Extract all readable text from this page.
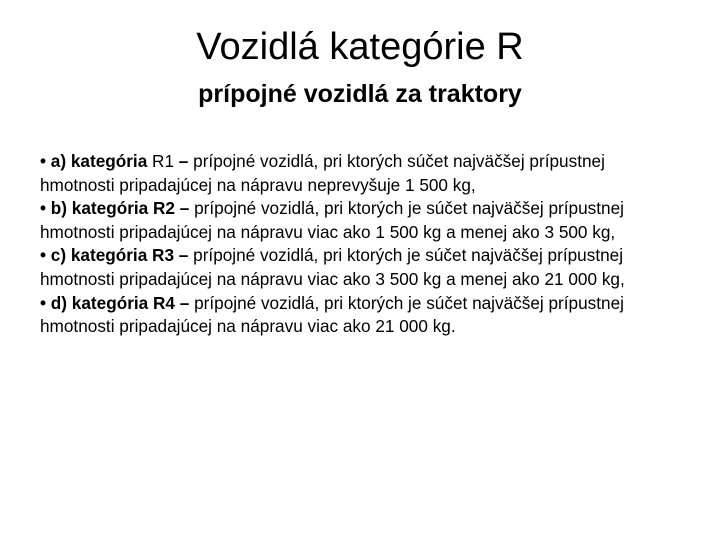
Vozidlá kategórie R
prípojné vozidlá za traktory
• a) kategória R1 – prípojné vozidlá, pri ktorých súčet najväčšej prípustnej hmotnosti pripadajúcej na nápravu neprevyšuje 1 500 kg,
• b) kategória R2 – prípojné vozidlá, pri ktorých je súčet najväčšej prípustnej hmotnosti pripadajúcej na nápravu viac ako 1 500 kg a menej ako 3 500 kg,
• c) kategória R3 – prípojné vozidlá, pri ktorých je súčet najväčšej prípustnej hmotnosti pripadajúcej na nápravu viac ako 3 500 kg a menej ako 21 000 kg,
• d) kategória R4 – prípojné vozidlá, pri ktorých je súčet najväčšej prípustnej hmotnosti pripadajúcej na nápravu viac ako 21 000 kg.
